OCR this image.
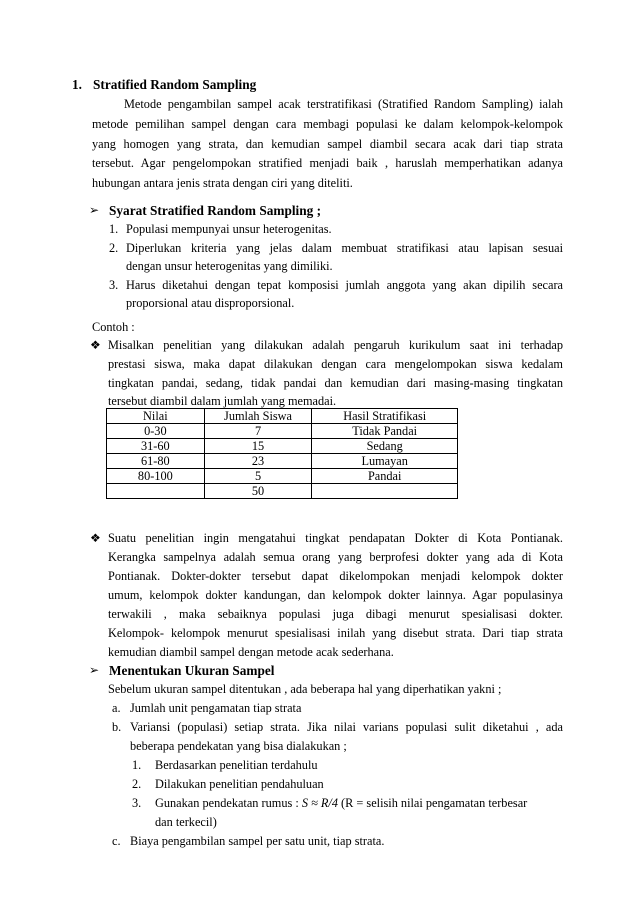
1. Stratified Random Sampling
Metode pengambilan sampel acak terstratifikasi (Stratified Random Sampling) ialah
metode pemilihan sampel dengan cara membagi populasi ke dalam kelompok-kelompok
yang homogen yang strata, dan kemudian sampel diambil secara acak dari tiap strata
tersebut. Agar pengelompokan stratified menjadi baik , haruslah memperhatikan adanya
hubungan antara jenis strata dengan ciri yang diteliti.
➢ Syarat Stratified Random Sampling ;
1. Populasi mempunyai unsur heterogenitas.
2. Diperlukan kriteria yang jelas dalam membuat stratifikasi atau lapisan sesuai
dengan unsur heterogenitas yang dimiliki.
3. Harus diketahui dengan tepat komposisi jumlah anggota yang akan dipilih secara
proporsional atau disproporsional.
Contoh :
❖ Misalkan penelitian yang dilakukan adalah pengaruh kurikulum saat ini terhadap
prestasi siswa, maka dapat dilakukan dengan cara mengelompokan siswa kedalam
tingkatan pandai, sedang, tidak pandai dan kemudian dari masing-masing tingkatan
tersebut diambil dalam jumlah yang memadai.
Nilai	Jumlah Siswa	Hasil Stratifikasi
0-30	7	Tidak Pandai
31-60	15	Sedang
61-80	23	Lumayan
80-100	5	Pandai
	50	
❖ Suatu penelitian ingin mengatahui tingkat pendapatan Dokter di Kota Pontianak.
Kerangka sampelnya adalah semua orang yang berprofesi dokter yang ada di Kota
Pontianak. Dokter-dokter tersebut dapat dikelompokan menjadi kelompok dokter
umum, kelompok dokter kandungan, dan kelompok dokter lainnya. Agar populasinya
terwakili , maka sebaiknya populasi juga dibagi menurut spesialisasi dokter.
Kelompok- kelompok menurut spesialisasi inilah yang disebut strata. Dari tiap strata
kemudian diambil sampel dengan metode acak sederhana.
➢ Menentukan Ukuran Sampel
Sebelum ukuran sampel ditentukan , ada beberapa hal yang diperhatikan yakni ;
a. Jumlah unit pengamatan tiap strata
b. Variansi (populasi) setiap strata. Jika nilai varians populasi sulit diketahui , ada
beberapa pendekatan yang bisa dialakukan ;
1. Berdasarkan penelitian terdahulu
2. Dilakukan penelitian pendahuluan
3. Gunakan pendekatan rumus : S ≈ R/4 (R = selisih nilai pengamatan terbesar
dan terkecil)
c. Biaya pengambilan sampel per satu unit, tiap strata.
